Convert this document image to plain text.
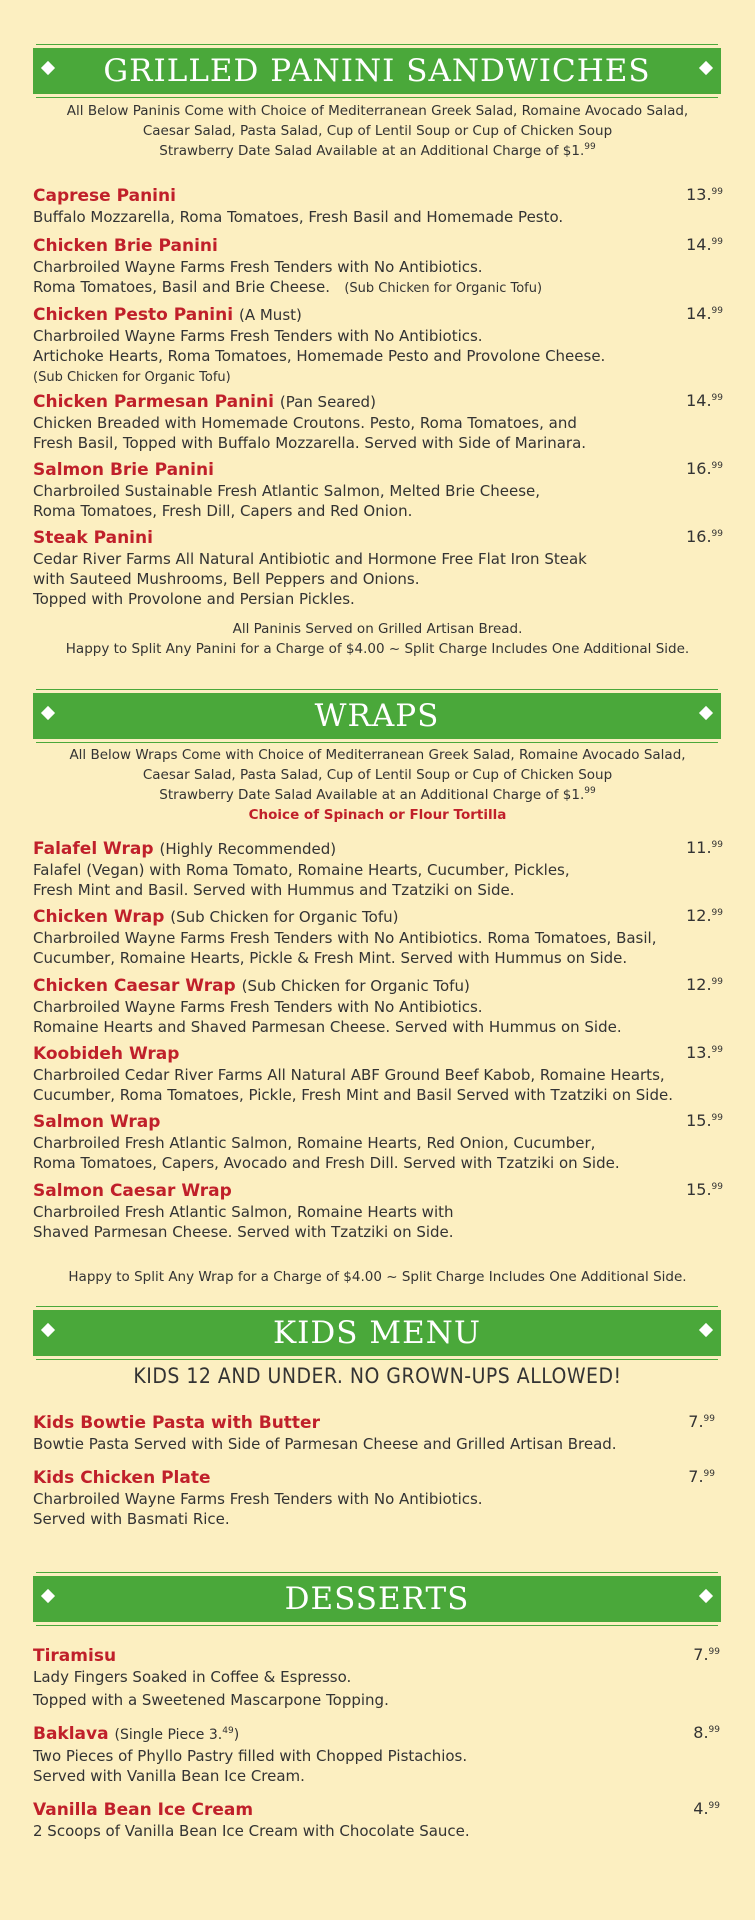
GRILLED PANINI SANDWICHES
All Below Paninis Come with Choice of Mediterranean Greek Salad, Romaine Avocado Salad,
Caesar Salad, Pasta Salad, Cup of Lentil Soup or Cup of Chicken Soup
Strawberry Date Salad Available at an Additional Charge of $1.99
Caprese Panini
Buffalo Mozzarella, Roma Tomatoes, Fresh Basil and Homemade Pesto.
13.99
Chicken Brie Panini
Charbroiled Wayne Farms Fresh Tenders with No Antibiotics.
Roma Tomatoes, Basil and Brie Cheese. (Sub Chicken for Organic Tofu)
14.99
Chicken Pesto Panini (A Must)
Charbroiled Wayne Farms Fresh Tenders with No Antibiotics.
Artichoke Hearts, Roma Tomatoes, Homemade Pesto and Provolone Cheese.
(Sub Chicken for Organic Tofu)
14.99
Chicken Parmesan Panini (Pan Seared)
Chicken Breaded with Homemade Croutons. Pesto, Roma Tomatoes, and
Fresh Basil, Topped with Buffalo Mozzarella. Served with Side of Marinara.
14.99
Salmon Brie Panini
Charbroiled Sustainable Fresh Atlantic Salmon, Melted Brie Cheese,
Roma Tomatoes, Fresh Dill, Capers and Red Onion.
16.99
Steak Panini
Cedar River Farms All Natural Antibiotic and Hormone Free Flat Iron Steak
with Sauteed Mushrooms, Bell Peppers and Onions.
Topped with Provolone and Persian Pickles.
16.99
All Paninis Served on Grilled Artisan Bread.
Happy to Split Any Panini for a Charge of $4.00 ~ Split Charge Includes One Additional Side.
WRAPS
All Below Wraps Come with Choice of Mediterranean Greek Salad, Romaine Avocado Salad,
Caesar Salad, Pasta Salad, Cup of Lentil Soup or Cup of Chicken Soup
Strawberry Date Salad Available at an Additional Charge of $1.99
Choice of Spinach or Flour Tortilla
Falafel Wrap (Highly Recommended)
Falafel (Vegan) with Roma Tomato, Romaine Hearts, Cucumber, Pickles,
Fresh Mint and Basil. Served with Hummus and Tzatziki on Side.
11.99
Chicken Wrap (Sub Chicken for Organic Tofu)
Charbroiled Wayne Farms Fresh Tenders with No Antibiotics. Roma Tomatoes, Basil,
Cucumber, Romaine Hearts, Pickle & Fresh Mint. Served with Hummus on Side.
12.99
Chicken Caesar Wrap (Sub Chicken for Organic Tofu)
Charbroiled Wayne Farms Fresh Tenders with No Antibiotics.
Romaine Hearts and Shaved Parmesan Cheese. Served with Hummus on Side.
12.99
Koobideh Wrap
Charbroiled Cedar River Farms All Natural ABF Ground Beef Kabob, Romaine Hearts,
Cucumber, Roma Tomatoes, Pickle, Fresh Mint and Basil Served with Tzatziki on Side.
13.99
Salmon Wrap
Charbroiled Fresh Atlantic Salmon, Romaine Hearts, Red Onion, Cucumber,
Roma Tomatoes, Capers, Avocado and Fresh Dill. Served with Tzatziki on Side.
15.99
Salmon Caesar Wrap
Charbroiled Fresh Atlantic Salmon, Romaine Hearts with
Shaved Parmesan Cheese. Served with Tzatziki on Side.
15.99
Happy to Split Any Wrap for a Charge of $4.00 ~ Split Charge Includes One Additional Side.
KIDS MENU
KIDS 12 AND UNDER. NO GROWN-UPS ALLOWED!
Kids Bowtie Pasta with Butter
Bowtie Pasta Served with Side of Parmesan Cheese and Grilled Artisan Bread.
7.99
Kids Chicken Plate
Charbroiled Wayne Farms Fresh Tenders with No Antibiotics.
Served with Basmati Rice.
7.99
DESSERTS
Tiramisu
Lady Fingers Soaked in Coffee & Espresso.
Topped with a Sweetened Mascarpone Topping.
7.99
Baklava (Single Piece 3.49)
Two Pieces of Phyllo Pastry filled with Chopped Pistachios.
Served with Vanilla Bean Ice Cream.
8.99
Vanilla Bean Ice Cream
2 Scoops of Vanilla Bean Ice Cream with Chocolate Sauce.
4.99
